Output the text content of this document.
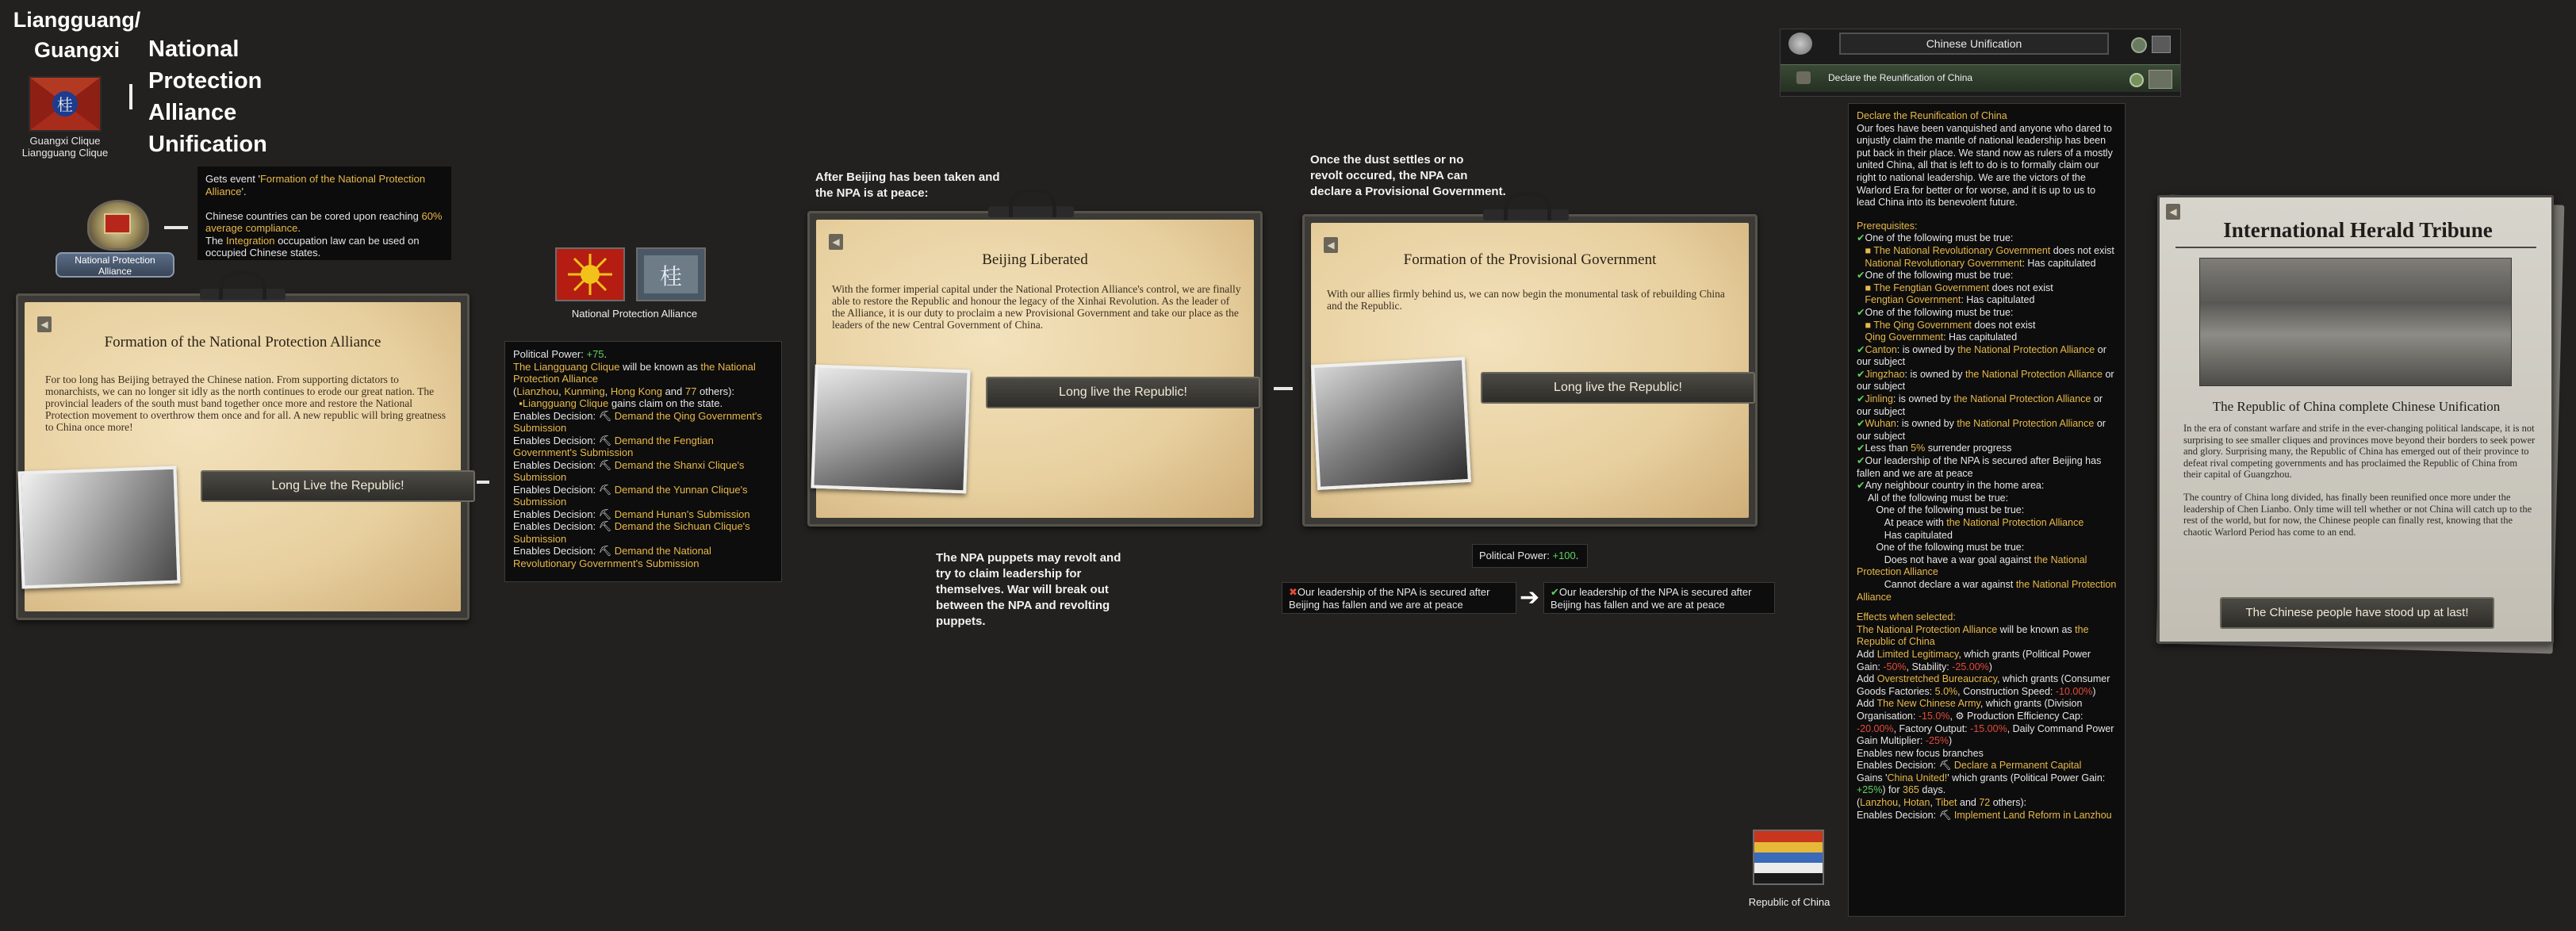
Liangguang/
Guangxi
桂
Guangxi Clique
Liangguang Clique
National
Protection
Alliance
Unification
National Protection
Alliance
Gets event 'Formation of the National Protection Alliance'.

Chinese countries can be cored upon reaching 60% average compliance.
The Integration occupation law can be used on occupied Chinese states.
◀
Formation of the National Protection Alliance
For too long has Beijing betrayed the Chinese nation. From supporting dictators to monarchists, we can no longer sit idly as the north continues to erode our great nation. The provincial leaders of the south must band together once more and restore the National Protection movement to overthrow them once and for all. A new republic will bring greatness to China once more!
Long Live the Republic!
桂
National Protection Alliance
Political Power: +75.
The Liangguang Clique will be known as the National Protection Alliance
(Lianzhou, Kunming, Hong Kong and 77 others):
▪Liangguang Clique gains claim on the state.
Enables Decision: ⛏ Demand the Qing Government's Submission
Enables Decision: ⛏ Demand the Fengtian Government's Submission
Enables Decision: ⛏ Demand the Shanxi Clique's Submission
Enables Decision: ⛏ Demand the Yunnan Clique's Submission
Enables Decision: ⛏ Demand Hunan's Submission
Enables Decision: ⛏ Demand the Sichuan Clique's Submission
Enables Decision: ⛏ Demand the National Revolutionary Government's Submission
After Beijing has been taken and
the NPA is at peace:
◀
Beijing Liberated
With the former imperial capital under the National Protection Alliance's control, we are finally able to restore the Republic and honour the legacy of the Xinhai Revolution. As the leader of the Alliance, it is our duty to proclaim a new Provisional Government and take our place as the leaders of the new Central Government of China.
Long live the Republic!
The NPA puppets may revolt and
try to claim leadership for
themselves. War will break out
between the NPA and revolting
puppets.
Once the dust settles or no
revolt occured, the NPA can
declare a Provisional Government.
◀
Formation of the Provisional Government
With our allies firmly behind us, we can now begin the monumental task of rebuilding China and the Republic.
Long live the Republic!
Political Power: +100.
✖Our leadership of the NPA is secured after Beijing has fallen and we are at peace	➔	✔Our leadership of the NPA is secured after Beijing has fallen and we are at peace
Chinese Unification
Declare the Reunification of China
Declare the Reunification of China
Our foes have been vanquished and anyone who dared to unjustly claim the mantle of national leadership has been put back in their place. We stand now as rulers of a mostly united China, all that is left to do is to formally claim our right to national leadership. We are the victors of the Warlord Era for better or for worse, and it is up to us to lead China into its benevolent future.
Prerequisites:
✔One of the following must be true:
■ The National Revolutionary Government does not exist
National Revolutionary Government: Has capitulated
✔One of the following must be true:
■ The Fengtian Government does not exist
Fengtian Government: Has capitulated
✔One of the following must be true:
■ The Qing Government does not exist
Qing Government: Has capitulated
✔Canton: is owned by the National Protection Alliance or our subject
✔Jingzhao: is owned by the National Protection Alliance or our subject
✔Jinling: is owned by the National Protection Alliance or our subject
✔Wuhan: is owned by the National Protection Alliance or our subject
✔Less than 5% surrender progress
✔Our leadership of the NPA is secured after Beijing has fallen and we are at peace
✔Any neighbour country in the home area:
All of the following must be true:
One of the following must be true:
At peace with the National Protection Alliance
Has capitulated
One of the following must be true:
Does not have a war goal against the National Protection Alliance
Cannot declare a war against the National Protection Alliance
Effects when selected:
The National Protection Alliance will be known as the Republic of China
Add Limited Legitimacy, which grants (Political Power Gain: -50%, Stability: -25.00%)
Add Overstretched Bureaucracy, which grants (Consumer Goods Factories: 5.0%, Construction Speed: -10.00%)
Add The New Chinese Army, which grants (Division Organisation: -15.0%, ⚙ Production Efficiency Cap: -20.00%, Factory Output: -15.00%, Daily Command Power Gain Multiplier: -25%)
Enables new focus branches
Enables Decision: ⛏ Declare a Permanent Capital
Gains 'China United!' which grants (Political Power Gain: +25%) for 365 days.
(Lanzhou, Hotan, Tibet and 72 others):
Enables Decision: ⛏ Implement Land Reform in Lanzhou
Republic of China
◀
International Herald Tribune
The Republic of China complete Chinese Unification
In the era of constant warfare and strife in the ever-changing political landscape, it is not surprising to see smaller cliques and provinces move beyond their borders to seek power and glory. Surprising many, the Republic of China has emerged out of their province to defeat rival competing governments and has proclaimed the Republic of China from their capital of Guangzhou.

The country of China long divided, has finally been reunified once more under the leadership of Chen Lianbo. Only time will tell whether or not China will catch up to the rest of the world, but for now, the Chinese people can finally rest, knowing that the chaotic Warlord Period has come to an end.
The Chinese people have stood up at last!
